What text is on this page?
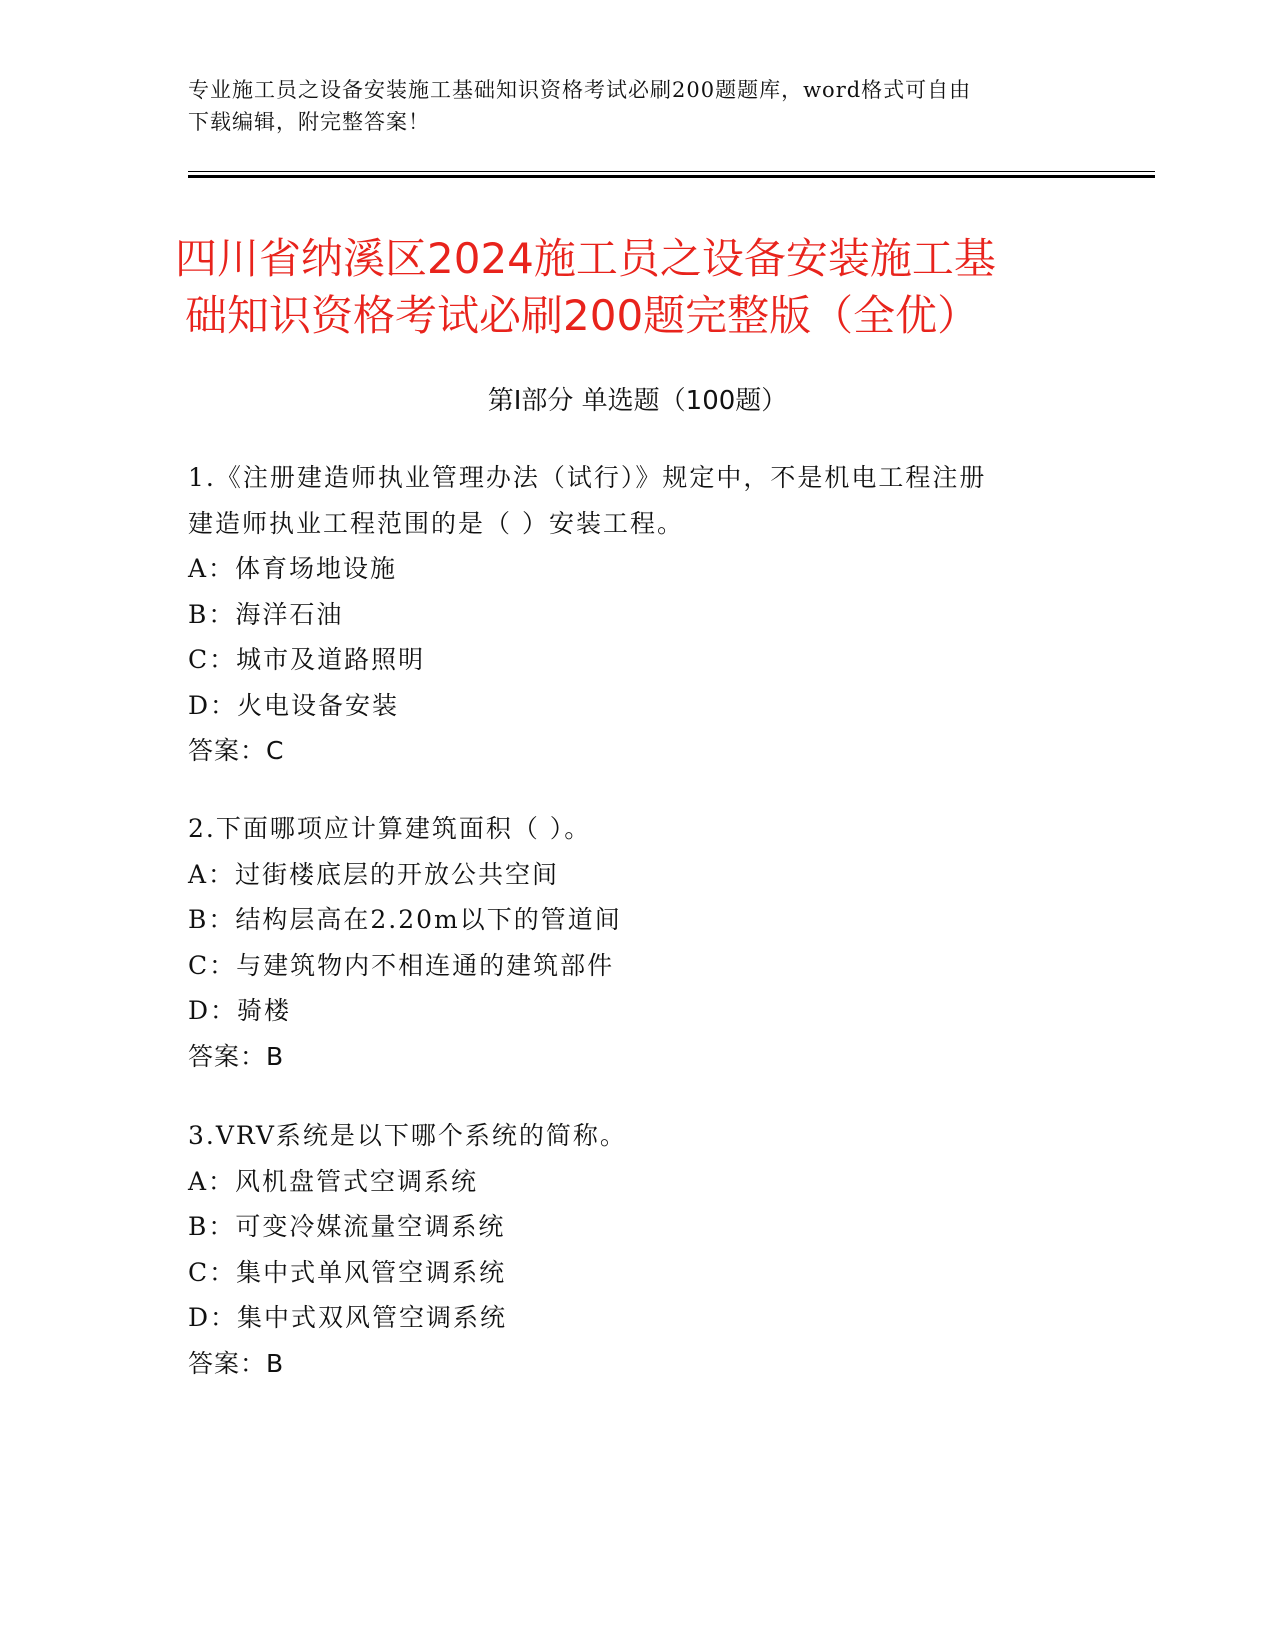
专业施工员之设备安装施工基础知识资格考试必刷200题题库，word格式可自由
下载编辑，附完整答案！
四川省纳溪区2024施工员之设备安装施工基
础知识资格考试必刷200题完整版（全优）
第Ⅰ部分 单选题（100题）
1.《注册建造师执业管理办法（试行）》规定中，不是机电工程注册
建造师执业工程范围的是（ ）安装工程。
A：体育场地设施
B：海洋石油
C：城市及道路照明
D：火电设备安装
答案：C
2.下面哪项应计算建筑面积（ ）。
A：过街楼底层的开放公共空间
B：结构层高在2.20m以下的管道间
C：与建筑物内不相连通的建筑部件
D：骑楼
答案：B
3.VRV系统是以下哪个系统的简称。
A：风机盘管式空调系统
B：可变冷媒流量空调系统
C：集中式单风管空调系统
D：集中式双风管空调系统
答案：B
